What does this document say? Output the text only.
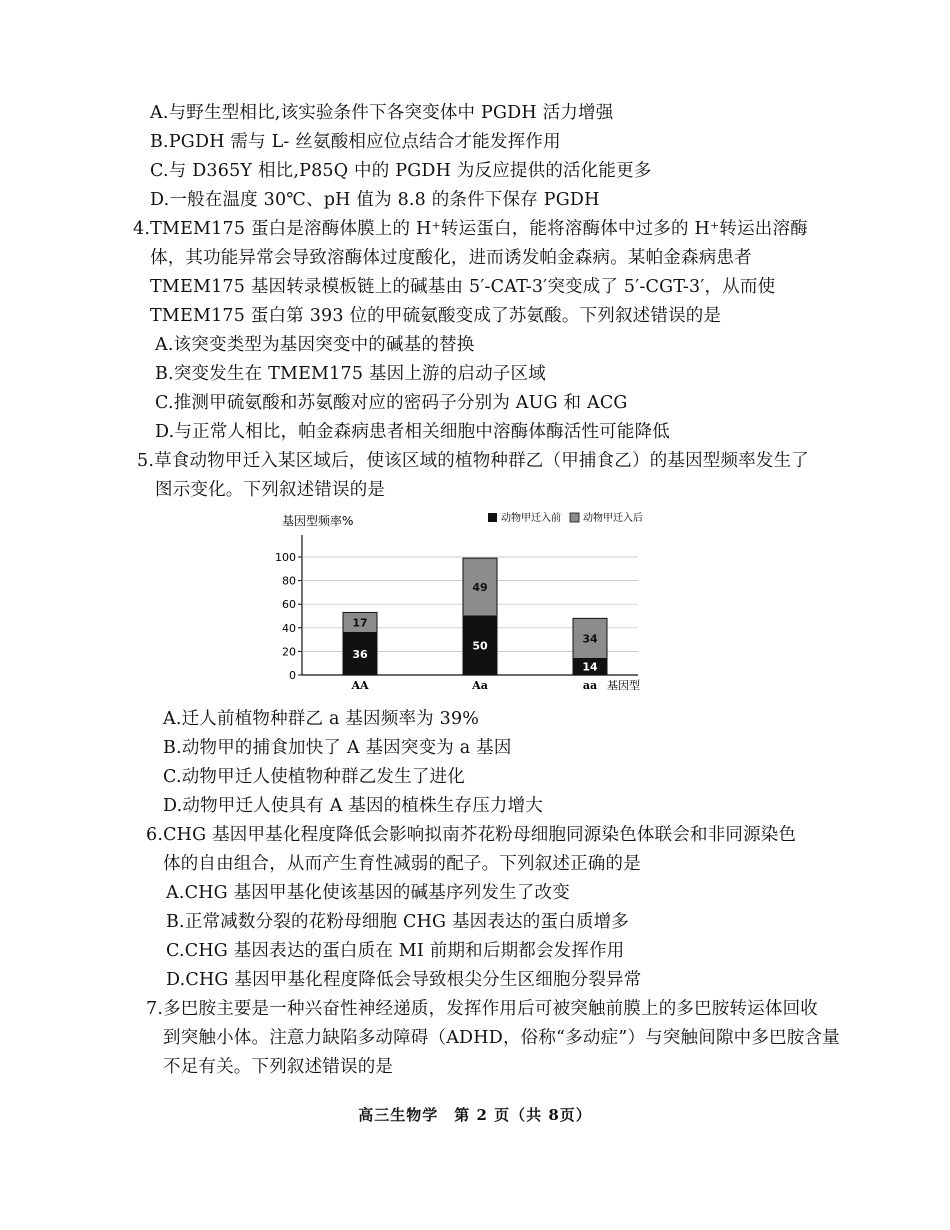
A.与野生型相比,该实验条件下各突变体中 PGDH 活力增强
B.PGDH 需与 L- 丝氨酸相应位点结合才能发挥作用
C.与 D365Y 相比,P85Q 中的 PGDH 为反应提供的活化能更多
D.一般在温度 30℃、pH 值为 8.8 的条件下保存 PGDH
4.TMEM175 蛋白是溶酶体膜上的 H⁺转运蛋白，能将溶酶体中过多的 H⁺转运出溶酶
体，其功能异常会导致溶酶体过度酸化，进而诱发帕金森病。某帕金森病患者
TMEM175 基因转录模板链上的碱基由 5′-CAT-3′突变成了 5′-CGT-3′，从而使
TMEM175 蛋白第 393 位的甲硫氨酸变成了苏氨酸。下列叙述错误的是
A.该突变类型为基因突变中的碱基的替换
B.突变发生在 TMEM175 基因上游的启动子区域
C.推测甲硫氨酸和苏氨酸对应的密码子分别为 AUG 和 ACG
D.与正常人相比，帕金森病患者相关细胞中溶酶体酶活性可能降低
5.草食动物甲迁入某区域后，使该区域的植物种群乙（甲捕食乙）的基因型频率发生了
图示变化。下列叙述错误的是
基因型频率%	动物甲迁入前 动物甲迁入后
基因型
0
20
40
60
80
100
36
17
AA
50
49
Aa
14
34
aa
A.迁人前植物种群乙 a 基因频率为 39%
B.动物甲的捕食加快了 A 基因突变为 a 基因
C.动物甲迁人使植物种群乙发生了进化
D.动物甲迁人使具有 A 基因的植株生存压力增大
6.CHG 基因甲基化程度降低会影响拟南芥花粉母细胞同源染色体联会和非同源染色
体的自由组合，从而产生育性减弱的配子。下列叙述正确的是
A.CHG 基因甲基化使该基因的碱基序列发生了改变
B.正常减数分裂的花粉母细胞 CHG 基因表达的蛋白质增多
C.CHG 基因表达的蛋白质在 MI 前期和后期都会发挥作用
D.CHG 基因甲基化程度降低会导致根尖分生区细胞分裂异常
7.多巴胺主要是一种兴奋性神经递质，发挥作用后可被突触前膜上的多巴胺转运体回收
到突触小体。注意力缺陷多动障碍（ADHD，俗称“多动症”）与突触间隙中多巴胺含量
不足有关。下列叙述错误的是
高三生物学　第 2 页（共 8页）
